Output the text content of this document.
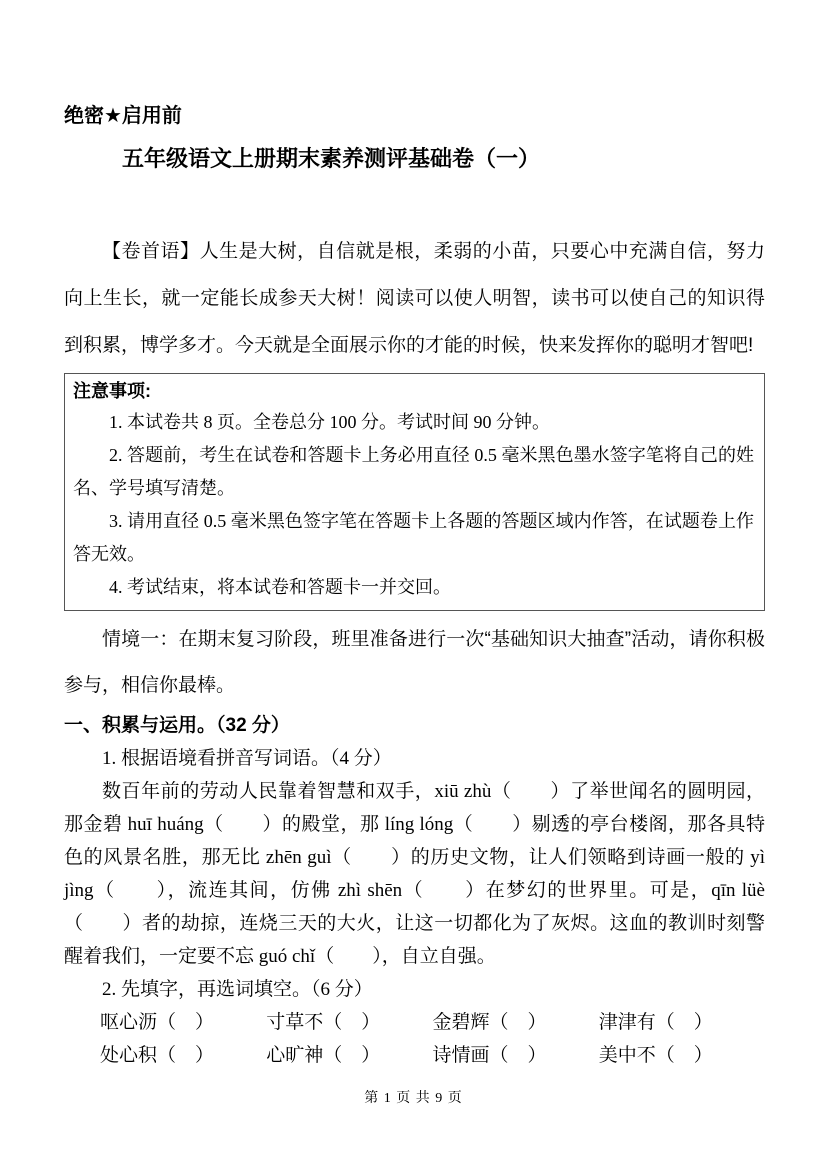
绝密★启用前
五年级语文上册期末素养测评基础卷（一）

【卷首语】人生是大树，自信就是根，柔弱的小苗，只要心中充满自信，努力向上生长，就一定能长成参天大树！阅读可以使人明智，读书可以使自己的知识得到积累，博学多才。今天就是全面展示你的才能的时候，快来发挥你的聪明才智吧!

注意事项:

1. 本试卷共 8 页。全卷总分 100 分。考试时间 90 分钟。

2. 答题前，考生在试卷和答题卡上务必用直径 0.5 毫米黑色墨水签字笔将自己的姓名、学号填写清楚。

3. 请用直径 0.5 毫米黑色签字笔在答题卡上各题的答题区域内作答，在试题卷上作答无效。

4. 考试结束，将本试卷和答题卡一并交回。

情境一：在期末复习阶段，班里准备进行一次“基础知识大抽查”活动，请你积极参与，相信你最棒。

一、积累与运用。（32 分）

1. 根据语境看拼音写词语。（4 分）

数百年前的劳动人民靠着智慧和双手，xiū zhù（　　）了举世闻名的圆明园，那金碧 huī huáng（　　）的殿堂，那 líng lóng（　　）剔透的亭台楼阁，那各具特色的风景名胜，那无比 zhēn guì（　　）的历史文物，让人们领略到诗画一般的 yì jìng（　　），流连其间，仿佛 zhì shēn（　　）在梦幻的世界里。可是，qīn lüè（　　）者的劫掠，连烧三天的大火，让这一切都化为了灰烬。这血的教训时刻警醒着我们，一定要不忘 guó chǐ（　　），自立自强。

2. 先填字，再选词填空。（6 分）

呕心沥（　）	寸草不（　）	金碧辉（　）	津津有（　）
处心积（　）	心旷神（　）	诗情画（　）	美中不（　）
第 1 页 共 9 页
